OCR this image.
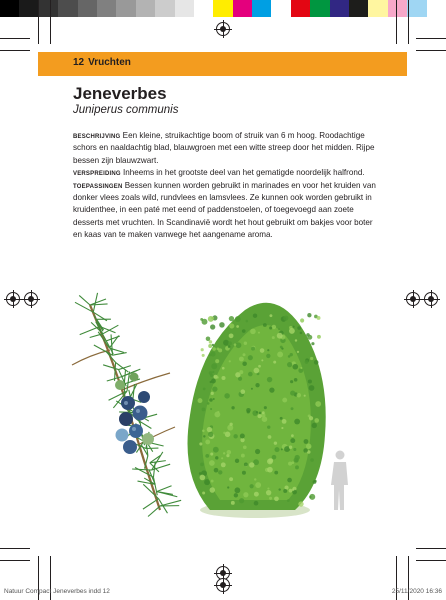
12 Vruchten
Jeneverbes

Juniperus communis

beschrijving Een kleine, struikachtige boom of struik van 6 m hoog. Roodachtige schors en naaldachtig blad, blauwgroen met een witte streep door het midden. Rijpe bessen zijn blauwzwart.

verspreiding Inheems in het grootste deel van het gematigde noordelijk halfrond.

toepassingen Bessen kunnen worden gebruikt in marinades en voor het kruiden van donker vlees zoals wild, rundvlees en lamsvlees. Ze kunnen ook worden gebruikt in kruidenthee, in een paté met eend of paddenstoelen, of toegevoegd aan zoete desserts met vruchten. In Scandinavië wordt het hout gebruikt om bakjes voor boter en kaas van te maken vanwege het aangename aroma.

Natuur Compact Jeneverbes indd 12	25/11/2020 16:36
